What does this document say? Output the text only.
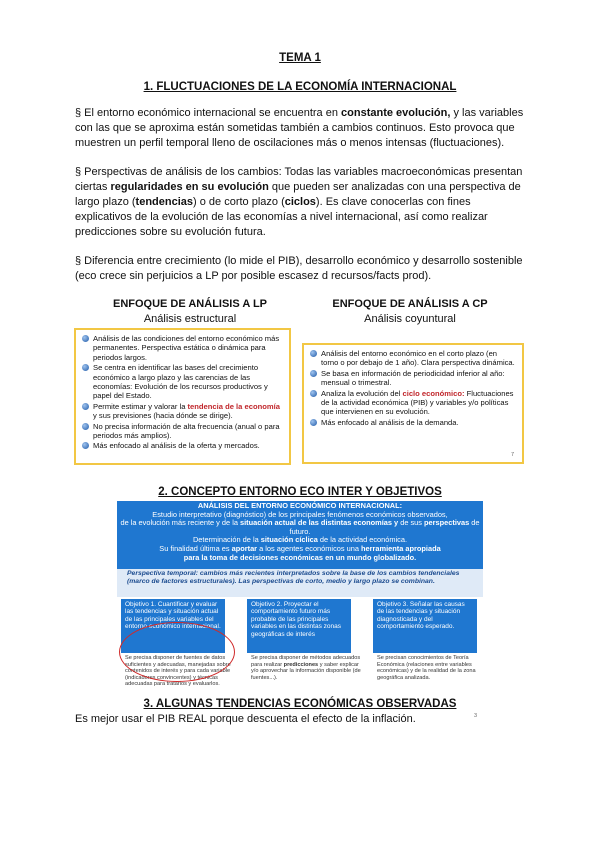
TEMA 1
1. FLUCTUACIONES DE LA ECONOMÍA INTERNACIONAL
§ El entorno económico internacional se encuentra en constante evolución, y las variables con las que se aproxima están sometidas también a cambios continuos. Esto provoca que muestren un perfil temporal lleno de oscilaciones más o menos intensas (fluctuaciones).
§ Perspectivas de análisis de los cambios: Todas las variables macroeconómicas presentan ciertas regularidades en su evolución que pueden ser analizadas con una perspectiva de largo plazo (tendencias) o de corto plazo (ciclos). Es clave conocerlas con fines explicativos de la evolución de las economías a nivel internacional, así como realizar predicciones sobre su evolución futura.
§ Diferencia entre crecimiento (lo mide el PIB), desarrollo económico y desarrollo sostenible (eco crece sin perjuicios a LP por posible escasez d recursos/facts prod).
ENFOQUE DE ANÁLISIS A LP
Análisis estructural
Análisis de las condiciones del entorno económico más permanentes. Perspectiva estática o dinámica para periodos largos.
Se centra en identificar las bases del crecimiento económico a largo plazo y las carencias de las economías: Evolución de los recursos productivos y papel del Estado.
Permite estimar y valorar la tendencia de la economía y sus previsiones (hacia dónde se dirige).
No precisa información de alta frecuencia (anual o para periodos más amplios).
Más enfocado al análisis de la oferta y mercados.
ENFOQUE DE ANÁLISIS A CP
Análisis coyuntural
Análisis del entorno económico en el corto plazo (en torno o por debajo de 1 año). Clara perspectiva dinámica.
Se basa en información de periodicidad inferior al año: mensual o trimestral.
Analiza la evolución del ciclo económico: Fluctuaciones de la actividad económica (PIB) y variables y/o políticas que intervienen en su evolución.
Más enfocado al análisis de la demanda.
7
2. CONCEPTO ENTORNO ECO INTER Y OBJETIVOS
ANÁLISIS DEL ENTORNO ECONÓMICO INTERNACIONAL:
Estudio interpretativo (diagnóstico) de los principales fenómenos económicos observados,
de la evolución más reciente y de la situación actual de las distintas economías y de sus perspectivas de futuro.
Determinación de la situación cíclica de la actividad económica.
Su finalidad última es aportar a los agentes económicos una herramienta apropiada
para la toma de decisiones económicas en un mundo globalizado.
Perspectiva temporal: cambios más recientes interpretados sobre la base de los cambios tendenciales (marco de factores estructurales). Las perspectivas de corto, medio y largo plazo se combinan.
Objetivo 1. Cuantificar y evaluar las tendencias y situación actual de las principales variables del entorno económico internacional.
Objetivo 2. Proyectar el comportamiento futuro más probable de las principales variables en las distintas zonas geográficas de interés
Objetivo 3. Señalar las causas de las tendencias y situación diagnosticada y del comportamiento esperado.
Se precisa disponer de fuentes de datos suficientes y adecuadas, manejadas sobre contenidos de interés y para cada variable (indicadores convincentes) y técnicas adecuadas para tratarlos y evaluarlos.
Se precisa disponer de métodos adecuados para realizar predicciones y saber explicar y/o aprovechar la información disponible (de fuentes...).
Se precisan conocimientos de Teoría Económica (relaciones entre variables económicas) y de la realidad de la zona geográfica analizada.
3
3. ALGUNAS TENDENCIAS ECONÓMICAS OBSERVADAS
Es mejor usar el PIB REAL porque descuenta el efecto de la inflación.
